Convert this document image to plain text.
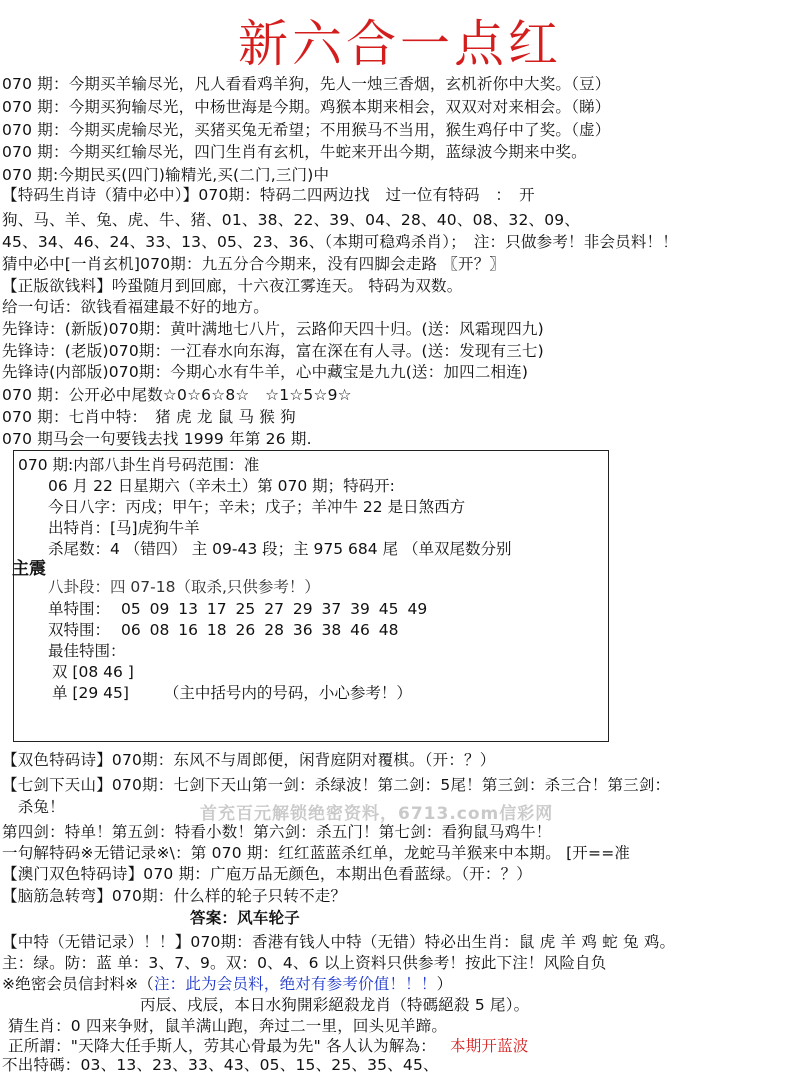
新六合一点红
070 期：今期买羊输尽光，凡人看看鸡羊狗，先人一烛三香烟，玄机祈你中大奖。（豆）
070 期：今期买狗输尽光，中杨世海是今期。鸡猴本期来相会，双双对对来相会。（睇）
070 期：今期买虎输尽光，买猪买兔无希望；不用猴马不当用，猴生鸡仔中了奖。（虚）
070 期：今期买红输尽光，四门生肖有玄机，牛蛇来开出今期，蓝绿波今期来中奖。
070 期:今期民买(四门)输精光,买(二门,三门)中
【特码生肖诗（猜中必中）】070期：特码二四两边找　过一位有特码　：　开
狗、马、羊、兔、虎、牛、猪、01、38、22、39、04、28、40、08、32、09、
45、34、46、24、33、13、05、23、36、（本期可稳鸡杀肖）；　注：只做参考！非会员料！！
猜中必中[一肖玄机]070期：九五分合今期来，没有四脚会走路 〖开？〗
【正版欲钱料】吟蛩随月到回廊，十六夜江雾连天。 特码为双数。
给一句话：欲钱看福建最不好的地方。
先锋诗：(新版)070期：黄叶满地七八片，云路仰天四十归。(送：风霜现四九)
先锋诗：(老版)070期：一江春水向东海，富在深在有人寻。(送：发现有三七)
先锋诗(内部版)070期：今期心水有牛羊，心中藏宝是九九(送：加四二相连)
070 期：公开必中尾数☆0☆6☆8☆　☆1☆5☆9☆
070 期：七肖中特：　猪 虎 龙 鼠 马 猴 狗
070 期马会一句要钱去找 1999 年第 26 期.
070 期:内部八卦生肖号码范围：准
06 月 22 日星期六（辛未土）第 070 期；特码开:
今日八字：丙戌；甲午；辛未；戊子；羊冲牛 22 是日煞西方
出特肖：[马]虎狗牛羊
杀尾数：4 （错四） 主 09-43 段；主 975 684 尾 （单双尾数分别
主震
八卦段：四 07-18（取杀,只供参考！）
单特围： 05 09 13 17 25 27 29 37 39 45 49
双特围： 06 08 16 18 26 28 36 38 46 48
最佳特围：
双 [08 46 ]
单 [29 45] （主中括号内的号码，小心参考！）
【双色特码诗】070期：东风不与周郎便，闲背庭阴对覆棋。（开：？）
【七剑下天山】070期：七剑下天山第一剑：杀绿波！第二剑：5尾！第三剑：杀三合！第三剑：
　杀兔！
第四剑：特单！第五剑：特看小数！第六剑：杀五门！第七剑：看狗鼠马鸡牛！
一句解特码※无错记录※\：第 070 期：红红蓝蓝杀红单，龙蛇马羊猴来中本期。 [开==准
【澳门双色特码诗】070 期：广庖万品无颜色，本期出色看蓝绿。（开：？）
【脑筋急转弯】070期：什么样的轮子只转不走？
首充百元解锁绝密资料，6713.com信彩网
答案：风车轮子
【中特（无错记录）！！】070期：香港有钱人中特（无错）特必出生肖：鼠 虎 羊 鸡 蛇 兔 鸡。
主：绿。防：蓝 单：3、7、9。双：0、4、6 以上资料只供参考！按此下注！风险自负
※绝密会员信封料※（注：此为会员料，绝对有参考价值！！！）
丙辰、戌辰，本日水狗開彩絕殺龙肖（特碼絕殺 5 尾）。
猜生肖：0 四来争财，鼠羊满山跑，奔过二一里，回头见羊蹄。
正所謂："天降大任手斯人，劳其心骨最为先" 各人认为解為： 本期开蓝波
不出特碼：03、13、23、33、43、05、15、25、35、45、
